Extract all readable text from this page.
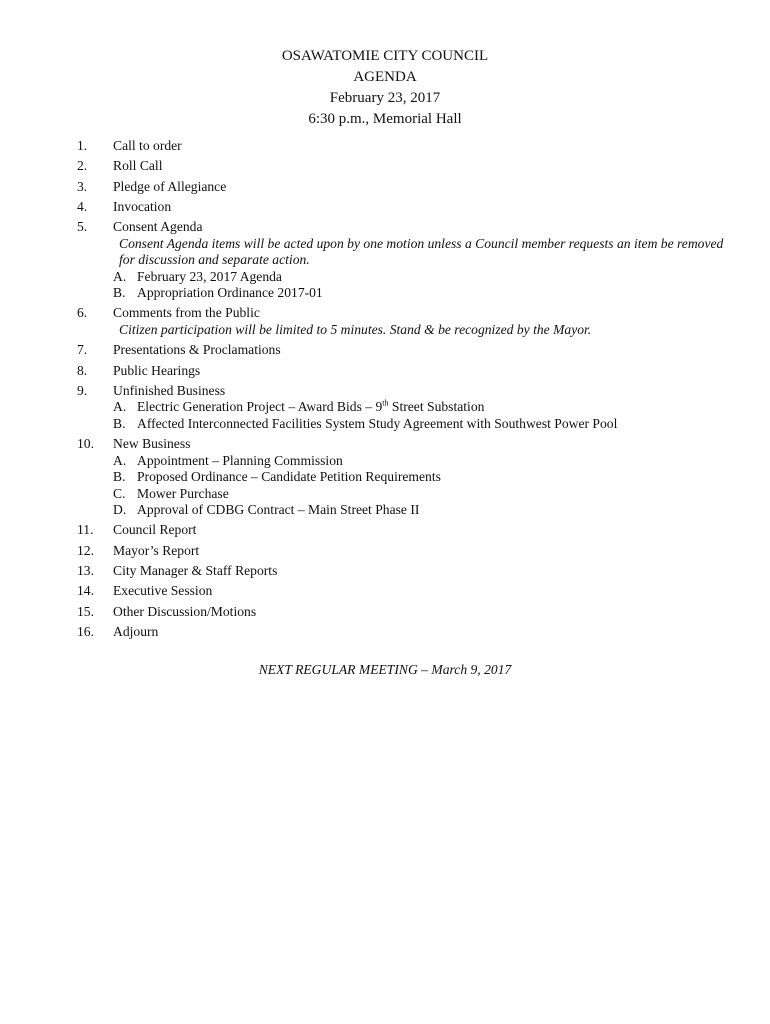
OSAWATOMIE CITY COUNCIL
AGENDA
February 23, 2017
6:30 p.m., Memorial Hall
1.	Call to order
2.	Roll Call
3.	Pledge of Allegiance
4.	Invocation
5.	Consent Agenda
Consent Agenda items will be acted upon by one motion unless a Council member requests an item be removed for discussion and separate action.
A. February 23, 2017 Agenda
B. Appropriation Ordinance 2017-01
6.	Comments from the Public
Citizen participation will be limited to 5 minutes. Stand & be recognized by the Mayor.
7.	Presentations & Proclamations
8.	Public Hearings
9.	Unfinished Business
A. Electric Generation Project – Award Bids – 9th Street Substation
B. Affected Interconnected Facilities System Study Agreement with Southwest Power Pool
10.	New Business
A. Appointment – Planning Commission
B. Proposed Ordinance – Candidate Petition Requirements
C. Mower Purchase
D. Approval of CDBG Contract – Main Street Phase II
11.	Council Report
12.	Mayor’s Report
13.	City Manager & Staff Reports
14.	Executive Session
15.	Other Discussion/Motions
16.	Adjourn
NEXT REGULAR MEETING – March 9, 2017
